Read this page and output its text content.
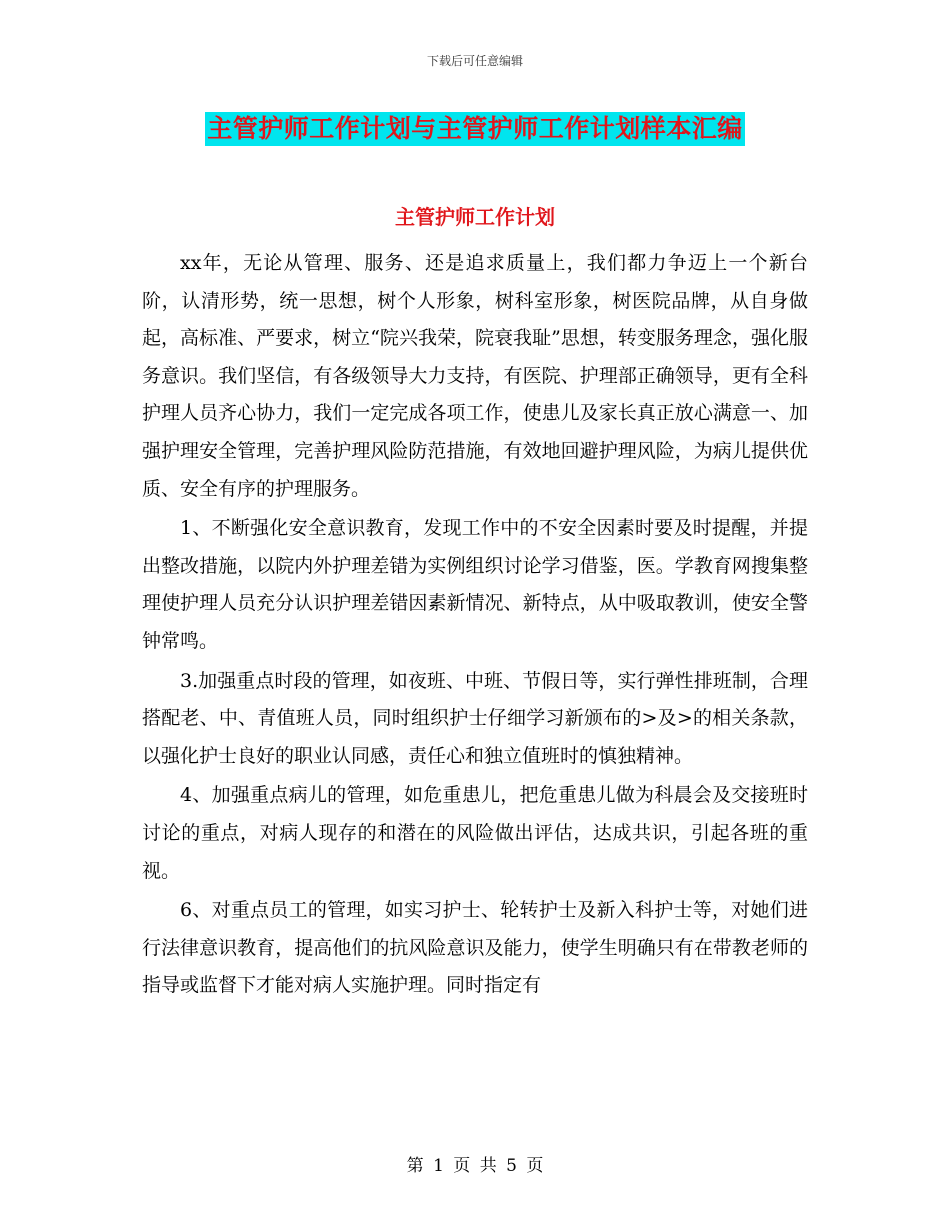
下载后可任意编辑
主管护师工作计划与主管护师工作计划样本汇编
主管护师工作计划

xx年，无论从管理、服务、还是追求质量上，我们都力争迈上一个新台阶，认清形势，统一思想，树个人形象，树科室形象，树医院品牌，从自身做起，高标准、严要求，树立“院兴我荣，院衰我耻”思想，转变服务理念，强化服务意识。我们坚信，有各级领导大力支持，有医院、护理部正确领导，更有全科护理人员齐心协力，我们一定完成各项工作，使患儿及家长真正放心满意一、加强护理安全管理，完善护理风险防范措施，有效地回避护理风险，为病儿提供优质、安全有序的护理服务。

1、不断强化安全意识教育，发现工作中的不安全因素时要及时提醒，并提出整改措施，以院内外护理差错为实例组织讨论学习借鉴，医。学教育网搜集整理使护理人员充分认识护理差错因素新情况、新特点，从中吸取教训，使安全警钟常鸣。

3.加强重点时段的管理，如夜班、中班、节假日等，实行弹性排班制，合理搭配老、中、青值班人员，同时组织护士仔细学习新颁布的>及>的相关条款，以强化护士良好的职业认同感，责任心和独立值班时的慎独精神。

4、加强重点病儿的管理，如危重患儿，把危重患儿做为科晨会及交接班时讨论的重点，对病人现存的和潜在的风险做出评估，达成共识，引起各班的重视。

6、对重点员工的管理，如实习护士、轮转护士及新入科护士等，对她们进行法律意识教育，提高他们的抗风险意识及能力，使学生明确只有在带教老师的指导或监督下才能对病人实施护理。同时指定有

第 1 页 共 5 页
